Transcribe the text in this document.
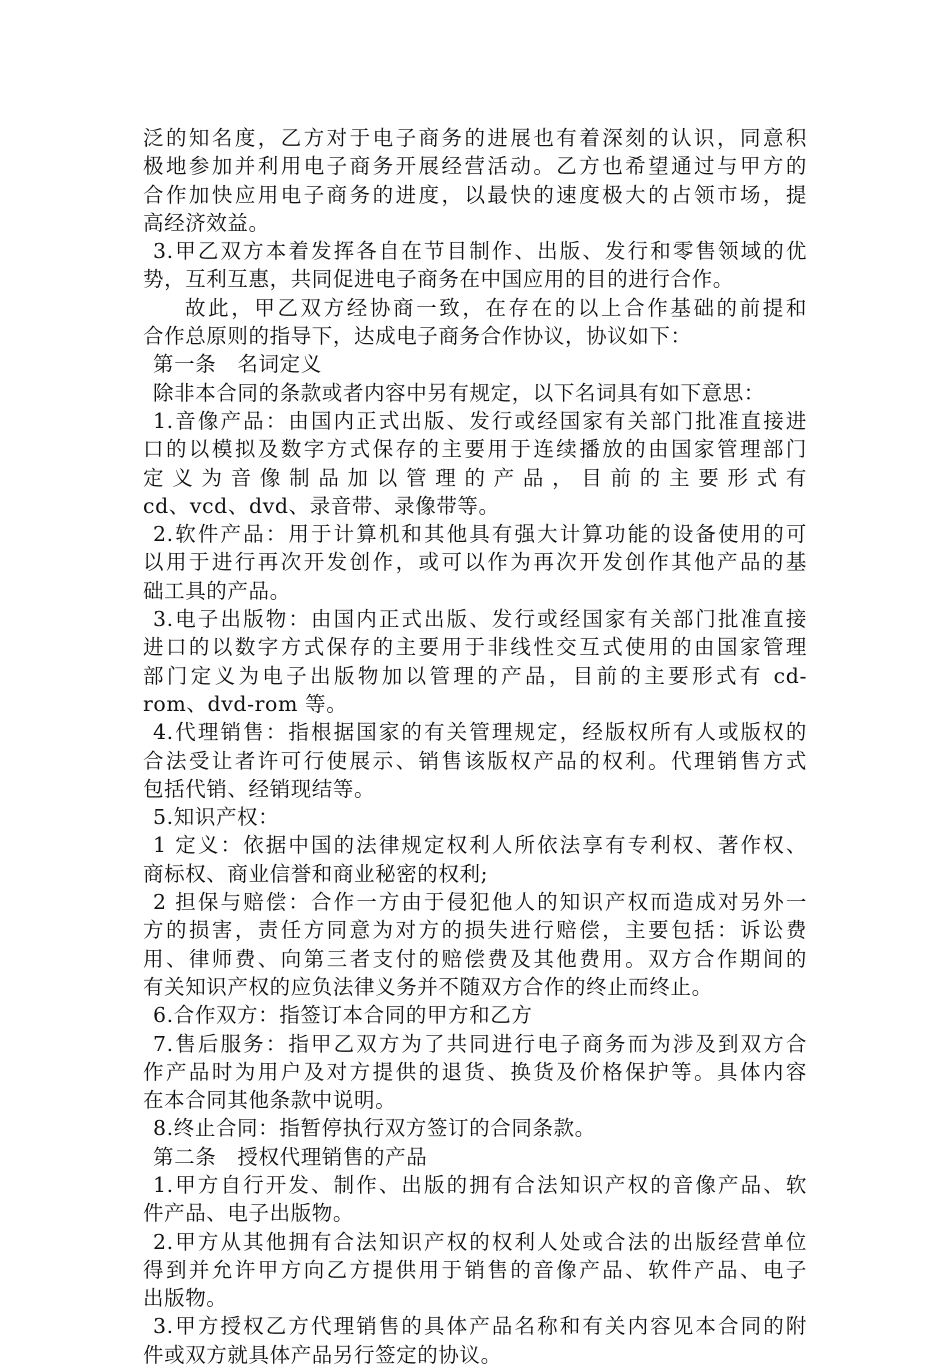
泛的知名度，乙方对于电子商务的进展也有着深刻的认识，同意积
极地参加并利用电子商务开展经营活动。乙方也希望通过与甲方的
合作加快应用电子商务的进度，以最快的速度极大的占领市场，提
高经济效益。
3.甲乙双方本着发挥各自在节目制作、出版、发行和零售领域的优
势，互利互惠，共同促进电子商务在中国应用的目的进行合作。
故此，甲乙双方经协商一致，在存在的以上合作基础的前提和
合作总原则的指导下，达成电子商务合作协议，协议如下：
第一条　名词定义
除非本合同的条款或者内容中另有规定，以下名词具有如下意思：
1.音像产品：由国内正式出版、发行或经国家有关部门批准直接进
口的以模拟及数字方式保存的主要用于连续播放的由国家管理部门
定义为音像制品加以管理的产品，目前的主要形式有
cd、vcd、dvd、录音带、录像带等。
2.软件产品：用于计算机和其他具有强大计算功能的设备使用的可
以用于进行再次开发创作，或可以作为再次开发创作其他产品的基
础工具的产品。
3.电子出版物：由国内正式出版、发行或经国家有关部门批准直接
进口的以数字方式保存的主要用于非线性交互式使用的由国家管理
部门定义为电子出版物加以管理的产品，目前的主要形式有 cd-
rom、dvd-rom 等。
4.代理销售：指根据国家的有关管理规定，经版权所有人或版权的
合法受让者许可行使展示、销售该版权产品的权利。代理销售方式
包括代销、经销现结等。
5.知识产权：
1 定义：依据中国的法律规定权利人所依法享有专利权、著作权、
商标权、商业信誉和商业秘密的权利;
2 担保与赔偿：合作一方由于侵犯他人的知识产权而造成对另外一
方的损害，责任方同意为对方的损失进行赔偿，主要包括：诉讼费
用、律师费、向第三者支付的赔偿费及其他费用。双方合作期间的
有关知识产权的应负法律义务并不随双方合作的终止而终止。
6.合作双方：指签订本合同的甲方和乙方
7.售后服务：指甲乙双方为了共同进行电子商务而为涉及到双方合
作产品时为用户及对方提供的退货、换货及价格保护等。具体内容
在本合同其他条款中说明。
8.终止合同：指暂停执行双方签订的合同条款。
第二条　授权代理销售的产品
1.甲方自行开发、制作、出版的拥有合法知识产权的音像产品、软
件产品、电子出版物。
2.甲方从其他拥有合法知识产权的权利人处或合法的出版经营单位
得到并允许甲方向乙方提供用于销售的音像产品、软件产品、电子
出版物。
3.甲方授权乙方代理销售的具体产品名称和有关内容见本合同的附
件或双方就具体产品另行签定的协议。
